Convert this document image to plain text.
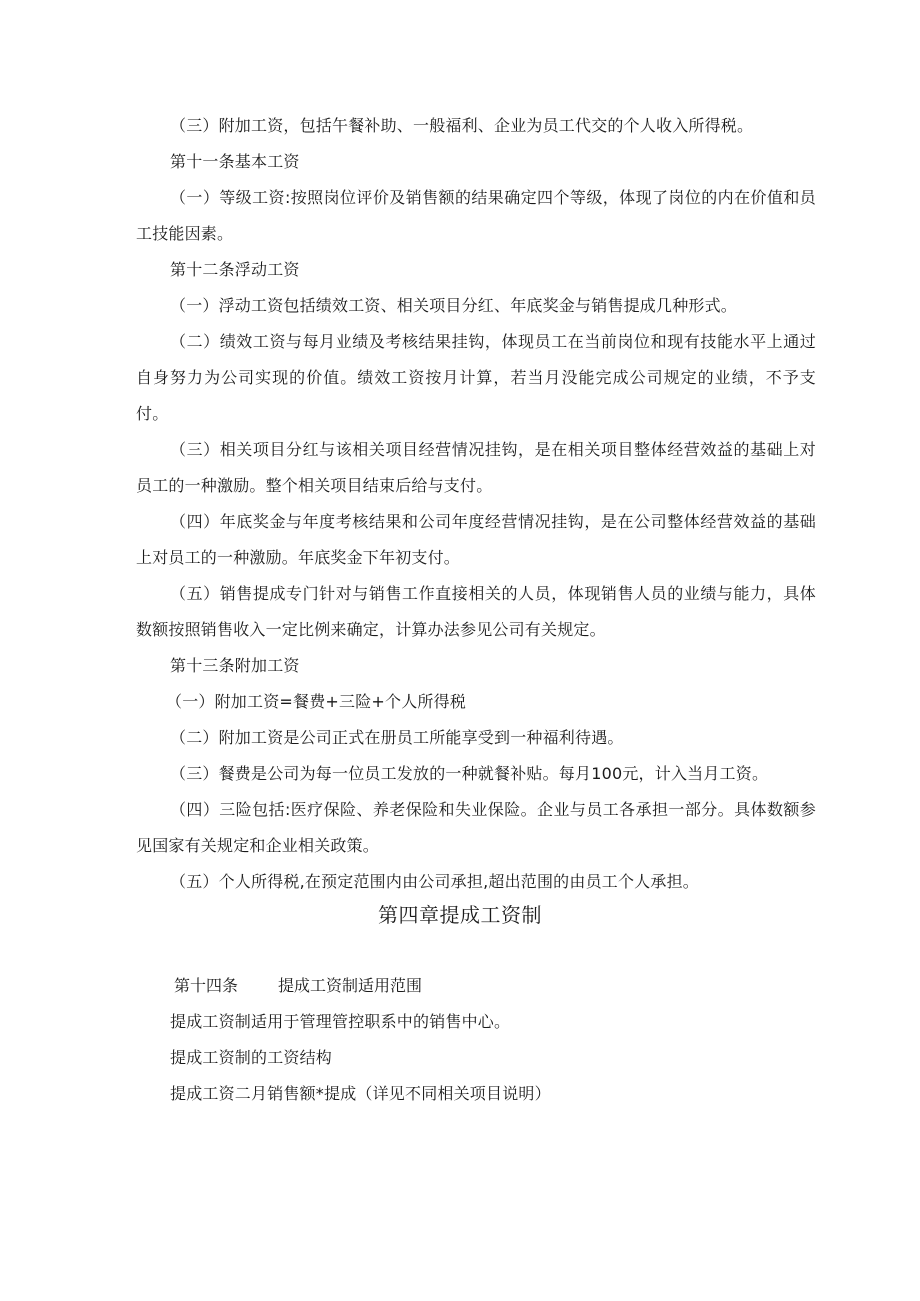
（三）附加工资，包括午餐补助、一般福利、企业为员工代交的个人收入所得税。

第十一条基本工资

（一）等级工资:按照岗位评价及销售额的结果确定四个等级，体现了岗位的内在价值和员工技能因素。

第十二条浮动工资

（一）浮动工资包括绩效工资、相关项目分红、年底奖金与销售提成几种形式。

（二）绩效工资与每月业绩及考核结果挂钩，体现员工在当前岗位和现有技能水平上通过自身努力为公司实现的价值。绩效工资按月计算，若当月没能完成公司规定的业绩，不予支付。

（三）相关项目分红与该相关项目经营情况挂钩，是在相关项目整体经营效益的基础上对员工的一种激励。整个相关项目结束后给与支付。

（四）年底奖金与年度考核结果和公司年度经营情况挂钩，是在公司整体经营效益的基础上对员工的一种激励。年底奖金下年初支付。

（五）销售提成专门针对与销售工作直接相关的人员，体现销售人员的业绩与能力，具体数额按照销售收入一定比例来确定，计算办法参见公司有关规定。

第十三条附加工资

（一）附加工资=餐费+三险+个人所得税

（二）附加工资是公司正式在册员工所能享受到一种福利待遇。

（三）餐费是公司为每一位员工发放的一种就餐补贴。每月100元，计入当月工资。

（四）三险包括:医疗保险、养老保险和失业保险。企业与员工各承担一部分。具体数额参见国家有关规定和企业相关政策。

（五）个人所得税,在预定范围内由公司承担,超出范围的由员工个人承担。

第四章提成工资制
第十四条 提成工资制适用范围

提成工资制适用于管理管控职系中的销售中心。

提成工资制的工资结构

提成工资二月销售额*提成（详见不同相关项目说明）
